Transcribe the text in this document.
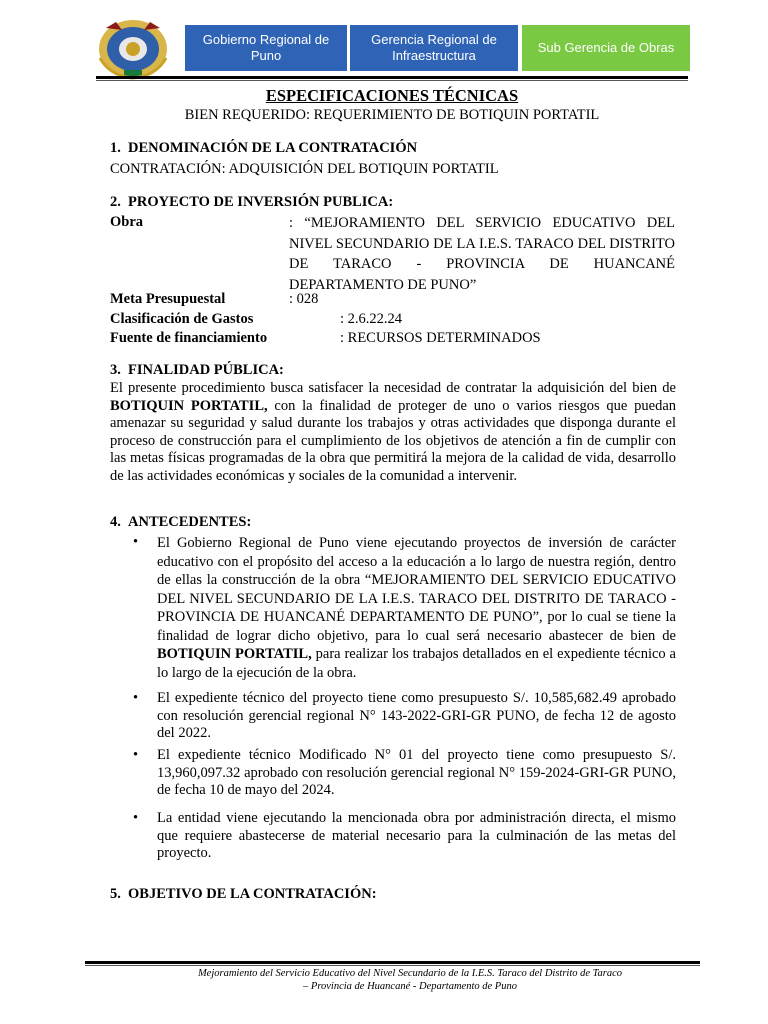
Gobierno Regional de Puno
Gerencia Regional de Infraestructura
Sub Gerencia de Obras
ESPECIFICACIONES TÉCNICAS
BIEN REQUERIDO: REQUERIMIENTO DE BOTIQUIN PORTATIL
1. DENOMINACIÓN DE LA CONTRATACIÓN
CONTRATACIÓN: ADQUISICIÓN DEL BOTIQUIN PORTATIL
2. PROYECTO DE INVERSIÓN PUBLICA:
Obra	: “MEJORAMIENTO DEL SERVICIO EDUCATIVO DEL NIVEL SECUNDARIO DE LA I.E.S. TARACO DEL DISTRITO DE TARACO - PROVINCIA DE HUANCANÉ DEPARTAMENTO DE PUNO”
Meta Presupuestal	: 028
Clasificación de Gastos	: 2.6.22.24
Fuente de financiamiento	: RECURSOS DETERMINADOS
3. FINALIDAD PÚBLICA:
El presente procedimiento busca satisfacer la necesidad de contratar la adquisición del bien de BOTIQUIN PORTATIL, con la finalidad de proteger de uno o varios riesgos que puedan amenazar su seguridad y salud durante los trabajos y otras actividades que disponga durante el proceso de construcción para el cumplimiento de los objetivos de atención a fin de cumplir con las metas físicas programadas de la obra que permitirá la mejora de la calidad de vida, desarrollo de las actividades económicas y sociales de la comunidad a intervenir.
4. ANTECEDENTES:
• El Gobierno Regional de Puno viene ejecutando proyectos de inversión de carácter educativo con el propósito del acceso a la educación a lo largo de nuestra región, dentro de ellas la construcción de la obra “MEJORAMIENTO DEL SERVICIO EDUCATIVO DEL NIVEL SECUNDARIO DE LA I.E.S. TARACO DEL DISTRITO DE TARACO - PROVINCIA DE HUANCANÉ DEPARTAMENTO DE PUNO”, por lo cual se tiene la finalidad de lograr dicho objetivo, para lo cual será necesario abastecer de bien de BOTIQUIN PORTATIL, para realizar los trabajos detallados en el expediente técnico a lo largo de la ejecución de la obra.
• El expediente técnico del proyecto tiene como presupuesto S/. 10,585,682.49 aprobado con resolución gerencial regional N° 143-2022-GRI-GR PUNO, de fecha 12 de agosto del 2022.
• El expediente técnico Modificado N° 01 del proyecto tiene como presupuesto S/. 13,960,097.32 aprobado con resolución gerencial regional N° 159-2024-GRI-GR PUNO, de fecha 10 de mayo del 2024.
• La entidad viene ejecutando la mencionada obra por administración directa, el mismo que requiere abastecerse de material necesario para la culminación de las metas del proyecto.
5. OBJETIVO DE LA CONTRATACIÓN:
Mejoramiento del Servicio Educativo del Nivel Secundario de la I.E.S. Taraco del Distrito de Taraco
– Provincia de Huancané - Departamento de Puno
